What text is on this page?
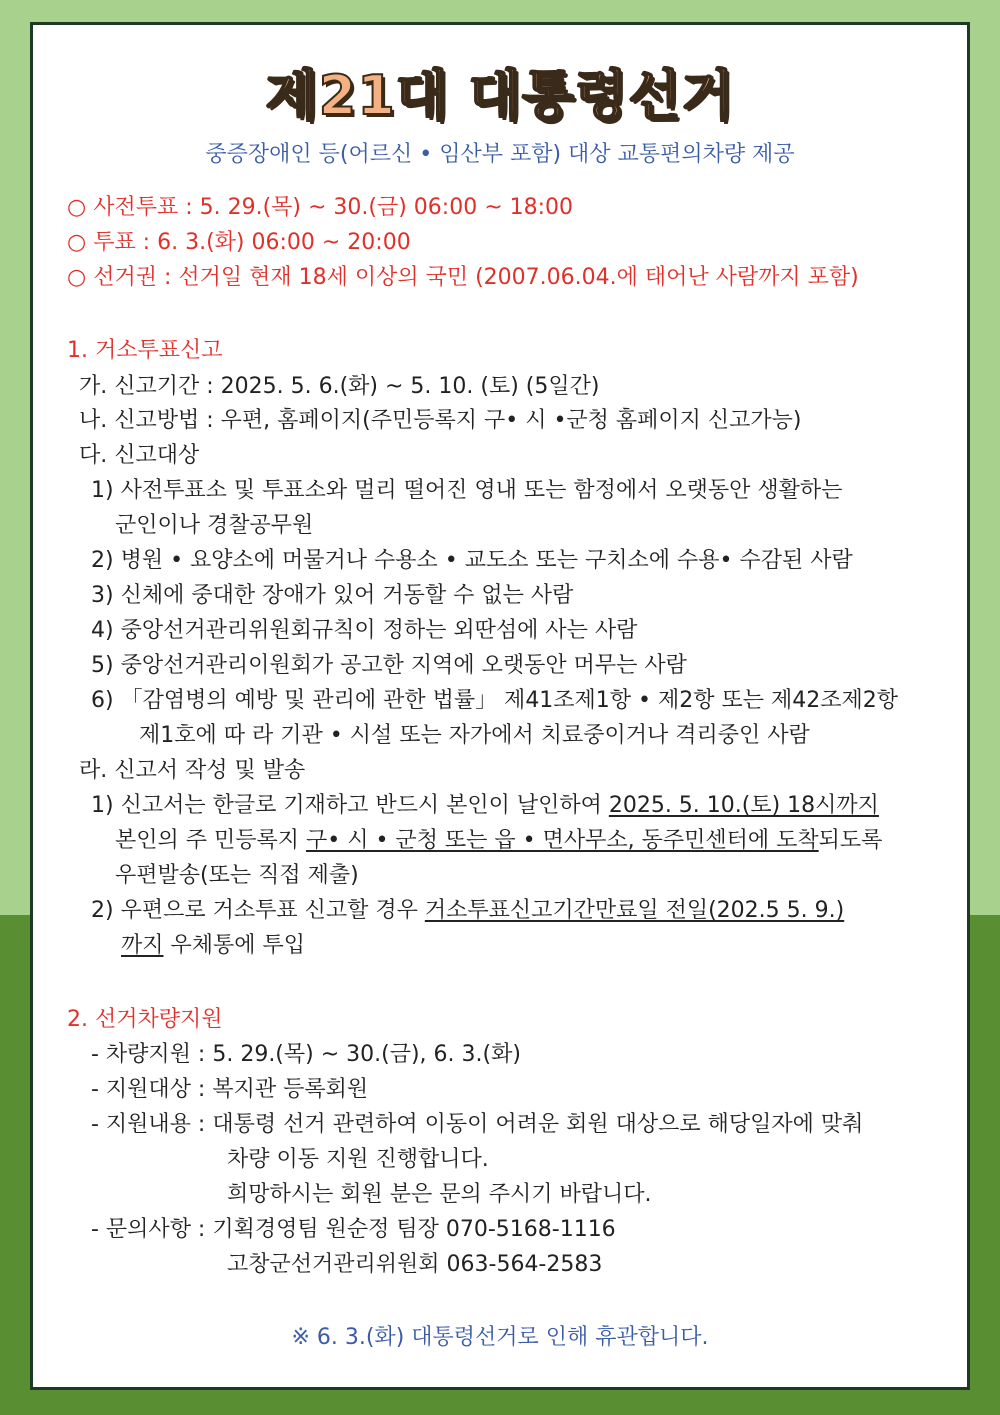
제21대 대통령선거
중증장애인 등(어르신 • 임산부 포함) 대상 교통편의차량 제공
○ 사전투표 : 5. 29.(목) ~ 30.(금) 06:00 ~ 18:00
○ 투표 : 6. 3.(화) 06:00 ~ 20:00
○ 선거권 : 선거일 현재 18세 이상의 국민 (2007.06.04.에 태어난 사람까지 포함)
1. 거소투표신고
가. 신고기간 : 2025. 5. 6.(화) ~ 5. 10. (토) (5일간)
나. 신고방법 : 우편, 홈페이지(주민등록지 구• 시 •군청 홈페이지 신고가능)
다. 신고대상
1) 사전투표소 및 투표소와 멀리 떨어진 영내 또는 함정에서 오랫동안 생활하는
군인이나 경찰공무원
2) 병원 • 요양소에 머물거나 수용소 • 교도소 또는 구치소에 수용• 수감된 사람
3) 신체에 중대한 장애가 있어 거동할 수 없는 사람
4) 중앙선거관리위원회규칙이 정하는 외딴섬에 사는 사람
5) 중앙선거관리이원회가 공고한 지역에 오랫동안 머무는 사람
6) 「감염병의 예방 및 관리에 관한 법률」 제41조제1항 • 제2항 또는 제42조제2항
제1호에 따 라 기관 • 시설 또는 자가에서 치료중이거나 격리중인 사람
라. 신고서 작성 및 발송
1) 신고서는 한글로 기재하고 반드시 본인이 날인하여 2025. 5. 10.(토) 18시까지
본인의 주 민등록지 구• 시 • 군청 또는 읍 • 면사무소, 동주민센터에 도착되도록
우편발송(또는 직접 제출)
2) 우편으로 거소투표 신고할 경우 거소투표신고기간만료일 전일(202.5 5. 9.)
까지 우체통에 투입
2. 선거차량지원
- 차량지원 : 5. 29.(목) ~ 30.(금), 6. 3.(화)
- 지원대상 : 복지관 등록회원
- 지원내용 : 대통령 선거 관련하여 이동이 어려운 회원 대상으로 해당일자에 맞춰
차량 이동 지원 진행합니다.
희망하시는 회원 분은 문의 주시기 바랍니다.
- 문의사항 : 기획경영팀 원순정 팀장 070-5168-1116
고창군선거관리위원회 063-564-2583
※ 6. 3.(화) 대통령선거로 인해 휴관합니다.
